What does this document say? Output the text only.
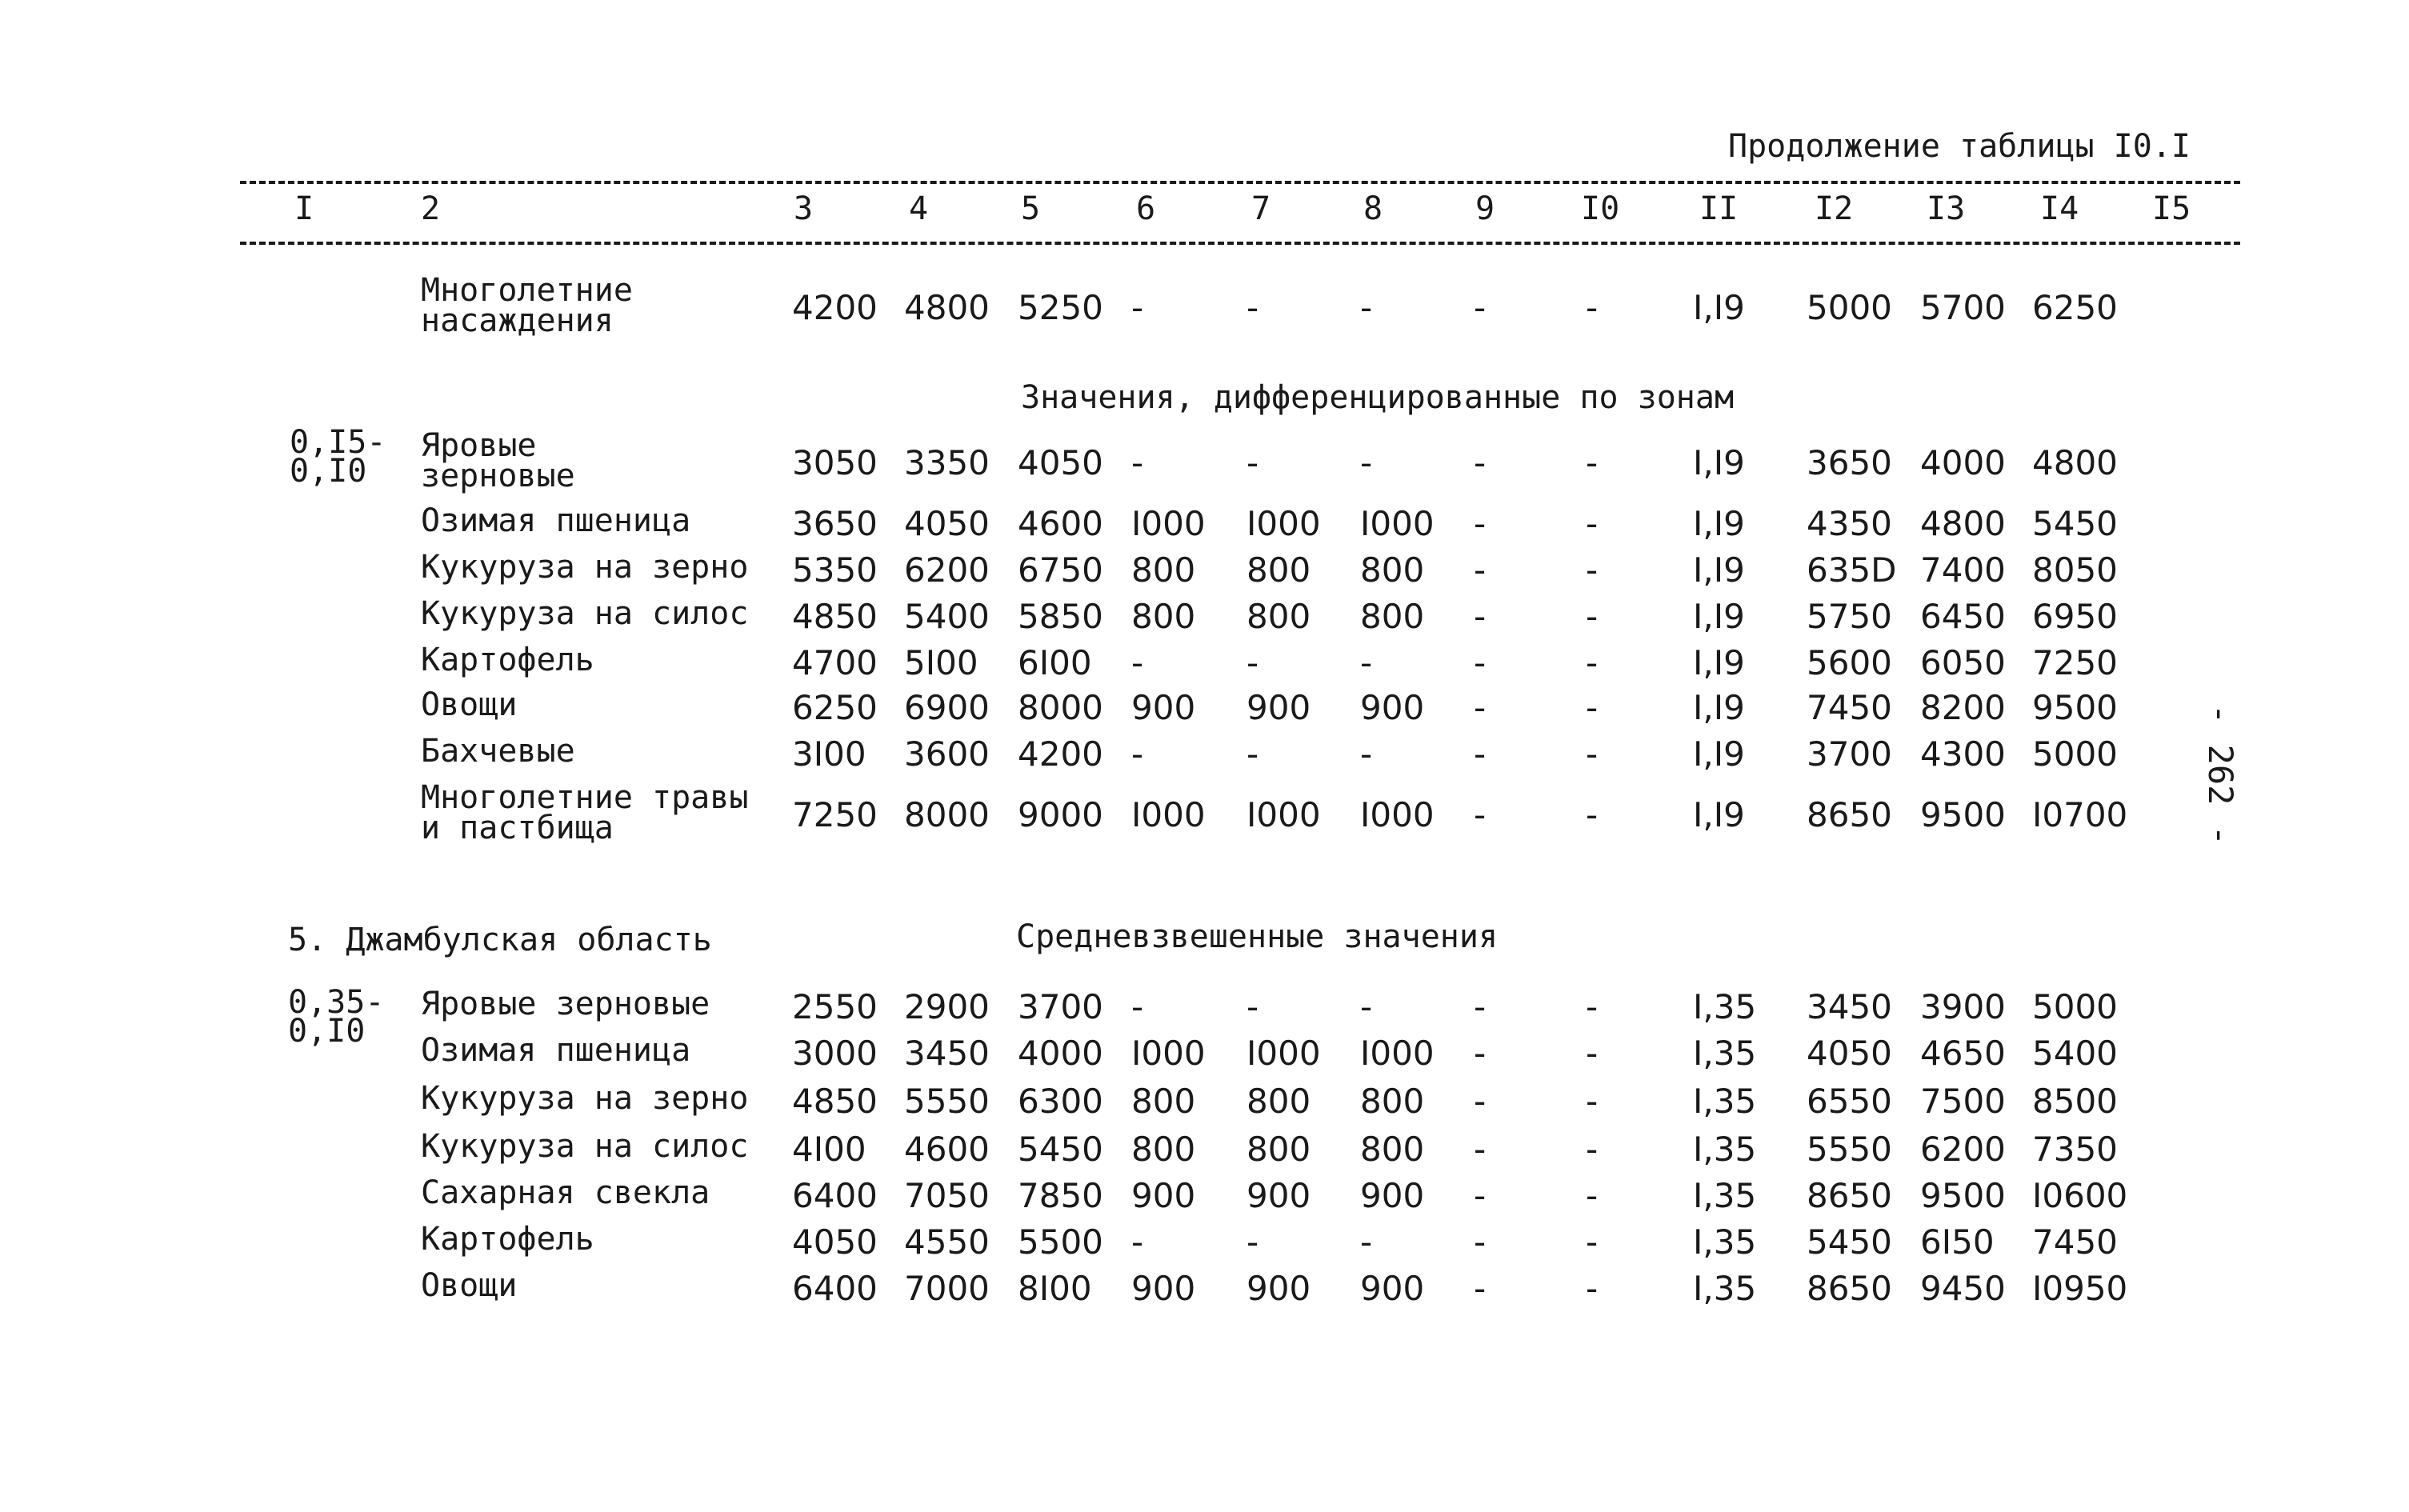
Продолжение таблицы I0.I
I	2	3	4	5	6	7	8	9	I0 II I2 I3 I4 I5
Многолетние
насаждения	4200 4800 5250 -	-	-	-	-	I,I9 5000 5700 6250
Значения, дифференцированные по зонам
0,I5-
0,I0
Яровые
зерновые	3050 3350 4050 -	-	-	-	-	I,I9 3650 4000 4800
Озимая пшеница	3650 4050 4600 I000 I000 I000 -	-	I,I9 4350 4800 5450
Кукуруза на зерно 5350 6200 6750 800 800 800 -	-	I,I9 635D 7400 8050
Кукуруза на силос 4850 5400 5850 800 800 800 -	-	I,I9 5750 6450 6950
Картофель	4700 5I00 6I00 -	-	-	-	-	I,I9 5600 6050 7250
Овощи	6250 6900 8000 900 900 900 -	-	I,I9 7450 8200 9500
Бахчевые	3I00 3600 4200 -	-	-	-	-	I,I9 3700 4300 5000
Многолетние травы
и пастбища	7250 8000 9000 I000 I000 I000 -	-	I,I9 8650 9500 I0700
5. Джамбулская область	Средневзвешенные значения
0,35-
0,I0
Яровые зерновые 2550 2900 3700 -	-	-	-	-	I,35 3450 3900 5000
Озимая пшеница	3000 3450 4000 I000 I000 I000 -	-	I,35 4050 4650 5400
Кукуруза на зерно 4850 5550 6300 800 800 800 -	-	I,35 6550 7500 8500
Кукуруза на силос 4I00 4600 5450 800 800 800 -	-	I,35 5550 6200 7350
Сахарная свекла 6400 7050 7850 900 900 900 -	-	I,35 8650 9500 I0600
Картофель	4050 4550 5500 -	-	-	-	-	I,35 5450 6I50 7450
Овощи	6400 7000 8I00 900 900 900 -	-	I,35 8650 9450 I0950
- 262 -
